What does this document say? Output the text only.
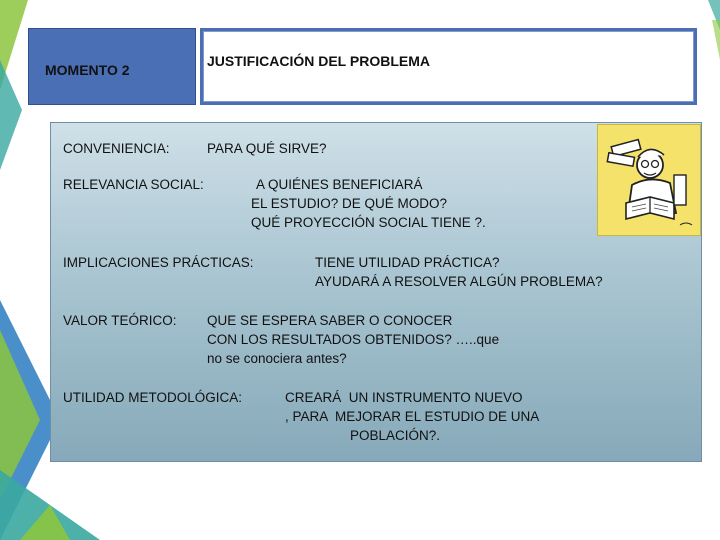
MOMENTO 2
JUSTIFICACIÓN DEL PROBLEMA
CONVENIENCIA:	PARA QUÉ SIRVE?
RELEVANCIA SOCIAL:	A QUIÉNES BENEFICIARÁ
EL ESTUDIO? DE QUÉ MODO?
QUÉ PROYECCIÓN SOCIAL TIENE ?.
IMPLICACIONES PRÁCTICAS:	TIENE UTILIDAD PRÁCTICA?
AYUDARÁ A RESOLVER ALGÚN PROBLEMA?
VALOR TEÓRICO: QUE SE ESPERA SABER O CONOCER
CON LOS RESULTADOS OBTENIDOS? …..que
no se conociera antes?
UTILIDAD METODOLÓGICA:	CREARÁ  UN INSTRUMENTO NUEVO
, PARA  MEJORAR EL ESTUDIO DE UNA
POBLACIÓN?.
